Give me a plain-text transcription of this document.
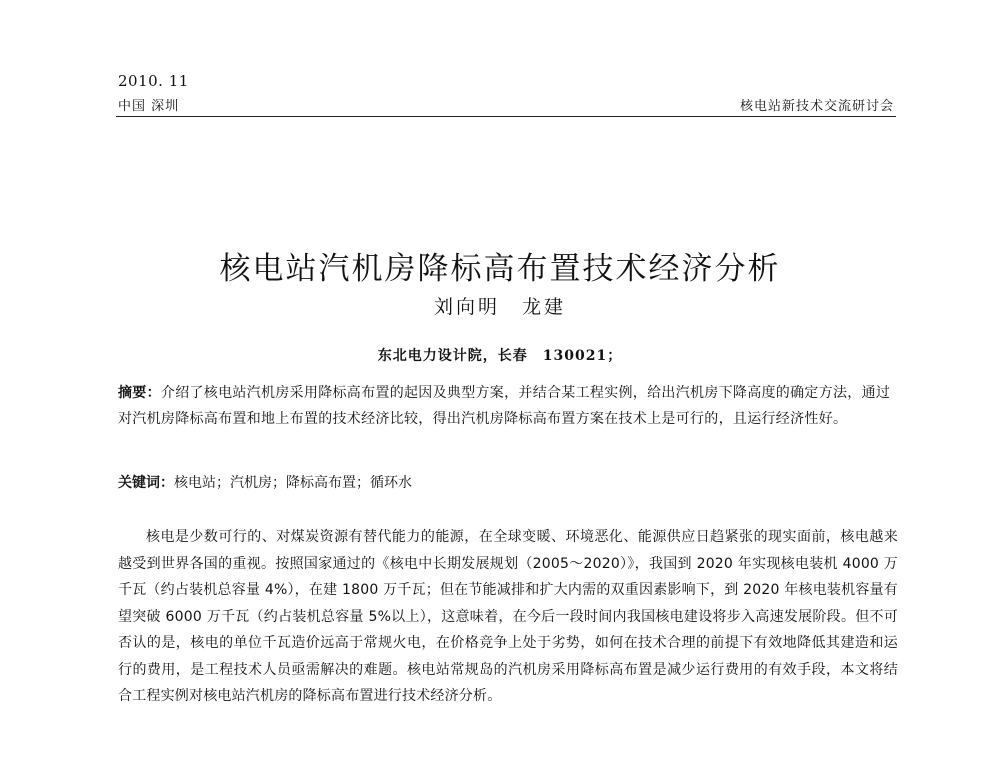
2010. 11
中国 深圳	核电站新技术交流研讨会
核电站汽机房降标高布置技术经济分析
刘向明　龙建
东北电力设计院，长春　130021；
摘要：介绍了核电站汽机房采用降标高布置的起因及典型方案，并结合某工程实例，给出汽机房下降高度的确定方法，通过对汽机房降标高布置和地上布置的技术经济比较，得出汽机房降标高布置方案在技术上是可行的，且运行经济性好。
关键词：核电站；汽机房；降标高布置；循环水

核电是少数可行的、对煤炭资源有替代能力的能源，在全球变暖、环境恶化、能源供应日趋紧张的现实面前，核电越来越受到世界各国的重视。按照国家通过的《核电中长期发展规划（2005～2020）》，我国到 2020 年实现核电装机 4000 万千瓦（约占装机总容量 4%），在建 1800 万千瓦；但在节能减排和扩大内需的双重因素影响下，到 2020 年核电装机容量有望突破 6000 万千瓦（约占装机总容量 5%以上），这意味着，在今后一段时间内我国核电建设将步入高速发展阶段。但不可否认的是，核电的单位千瓦造价远高于常规火电，在价格竞争上处于劣势，如何在技术合理的前提下有效地降低其建造和运行的费用，是工程技术人员亟需解决的难题。核电站常规岛的汽机房采用降标高布置是减少运行费用的有效手段，本文将结合工程实例对核电站汽机房的降标高布置进行技术经济分析。
